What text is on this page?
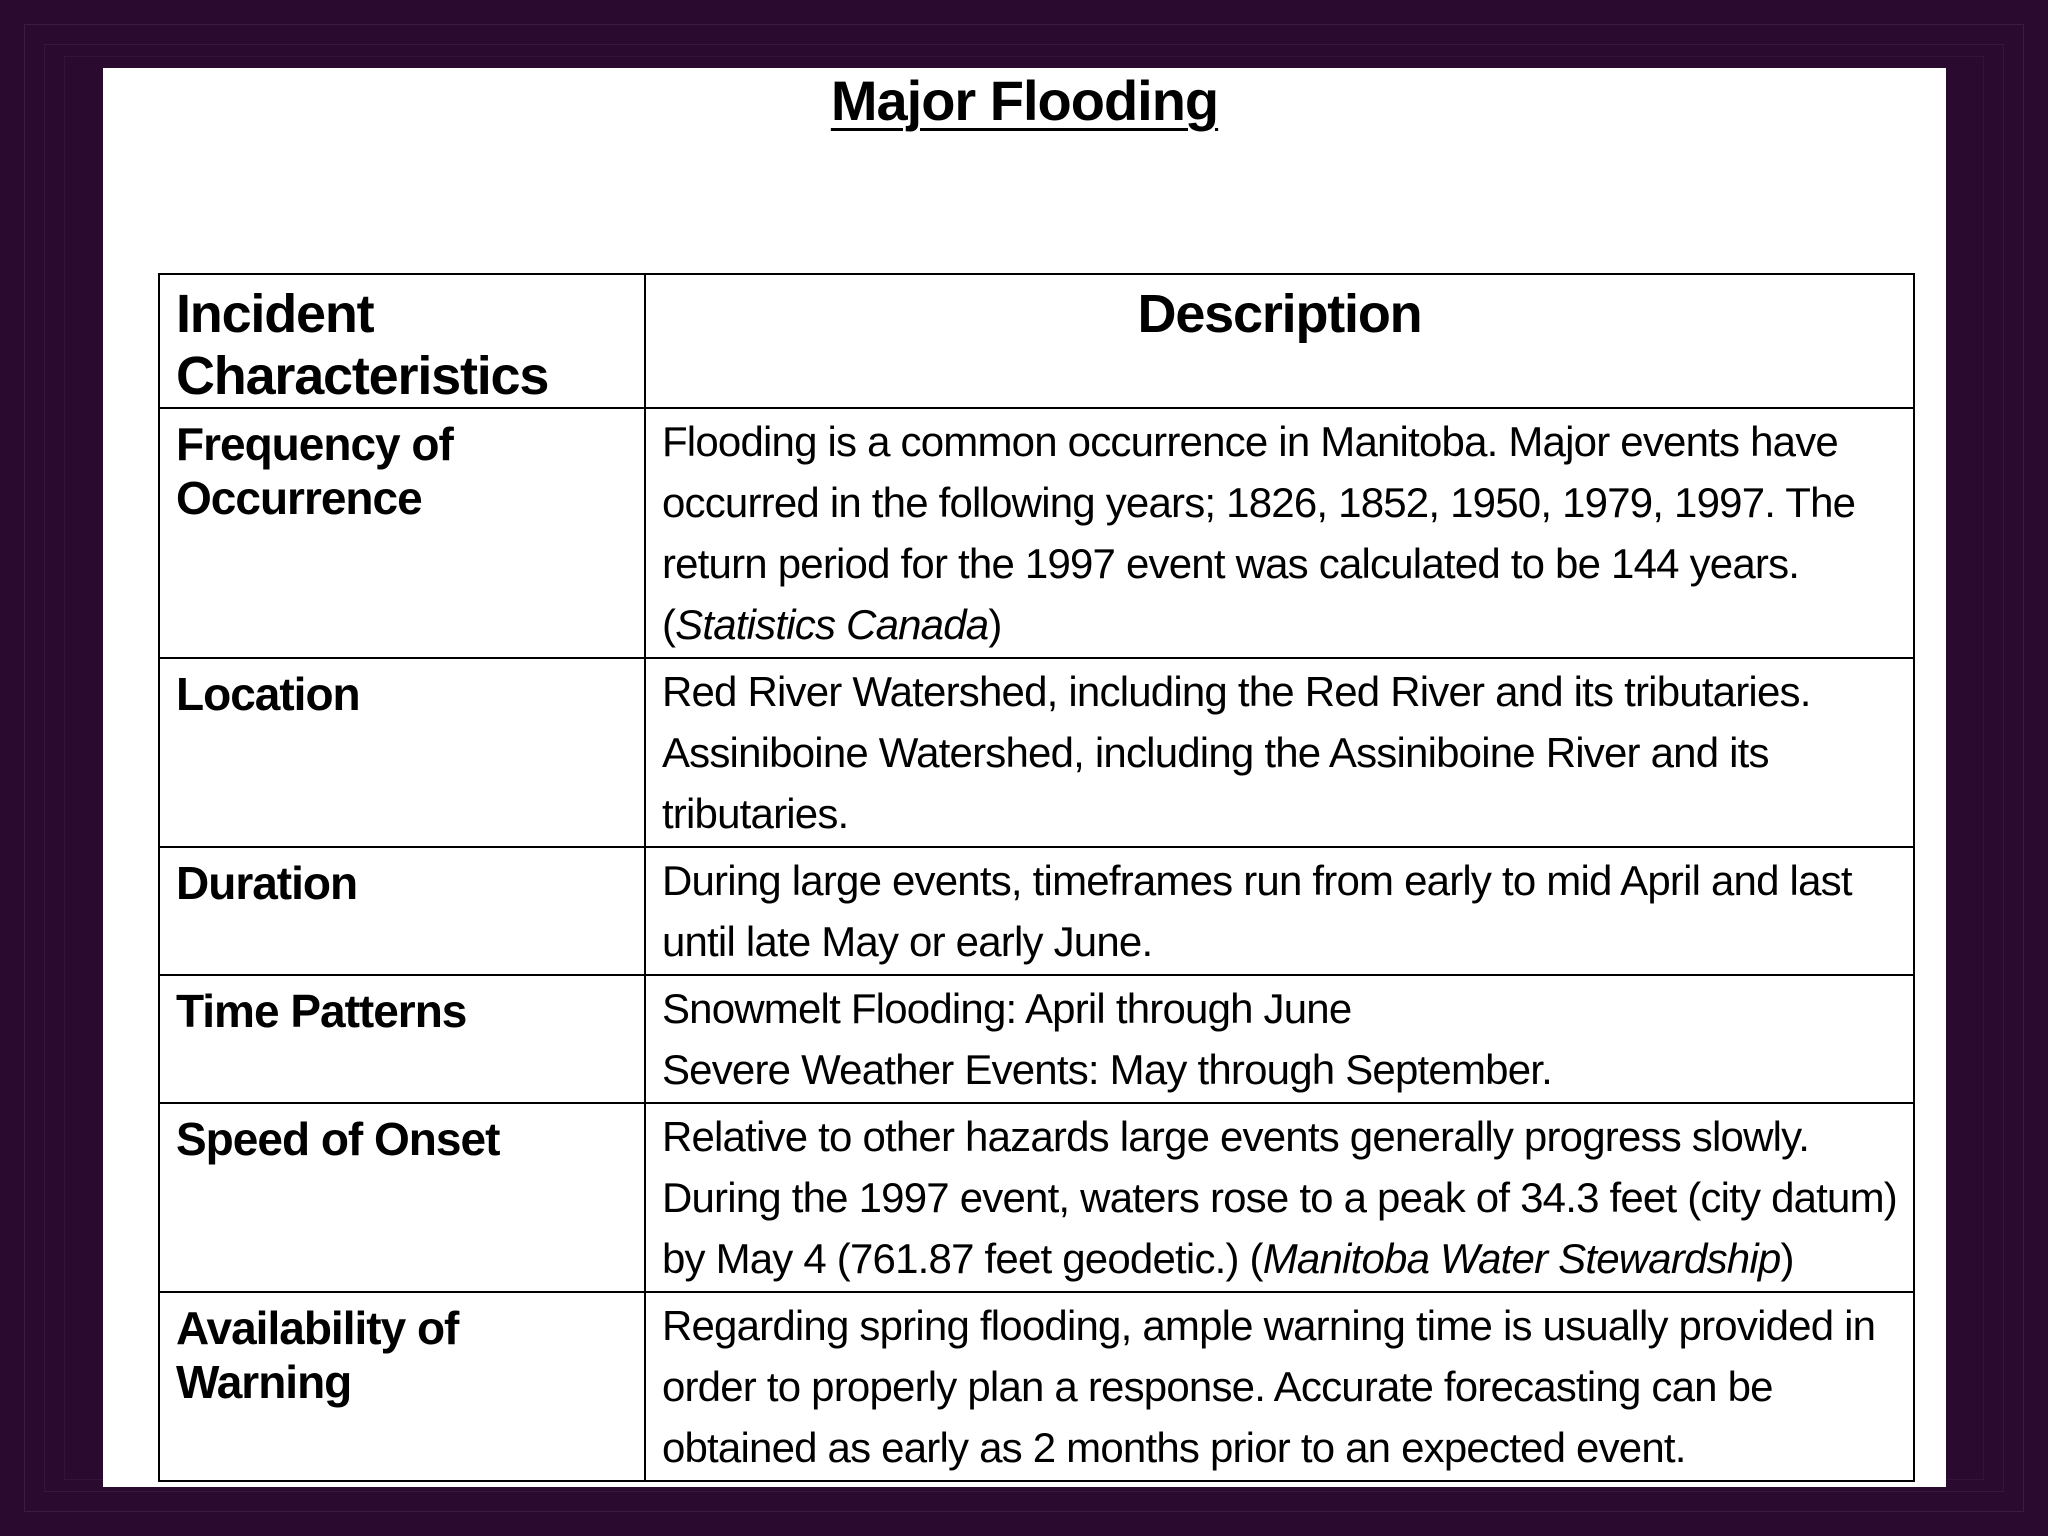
Major Flooding
Incident Characteristics	Description
Frequency of Occurrence	Flooding is a common occurrence in Manitoba. Major events have
occurred in the following years; 1826, 1852, 1950, 1979, 1997. The
return period for the 1997 event was calculated to be 144 years.
(Statistics Canada)

Location	Red River Watershed, including the Red River and its tributaries.
Assiniboine Watershed, including the Assiniboine River and its
tributaries.

Duration	During large events, timeframes run from early to mid April and last
until late May or early June.

Time Patterns	Snowmelt Flooding: April through June
Severe Weather Events: May through September.

Speed of Onset	Relative to other hazards large events generally progress slowly.
During the 1997 event, waters rose to a peak of 34.3 feet (city datum)
by May 4 (761.87 feet geodetic.) (Manitoba Water Stewardship)

Availability of Warning	Regarding spring flooding, ample warning time is usually provided in
order to properly plan a response. Accurate forecasting can be
obtained as early as 2 months prior to an expected event.
